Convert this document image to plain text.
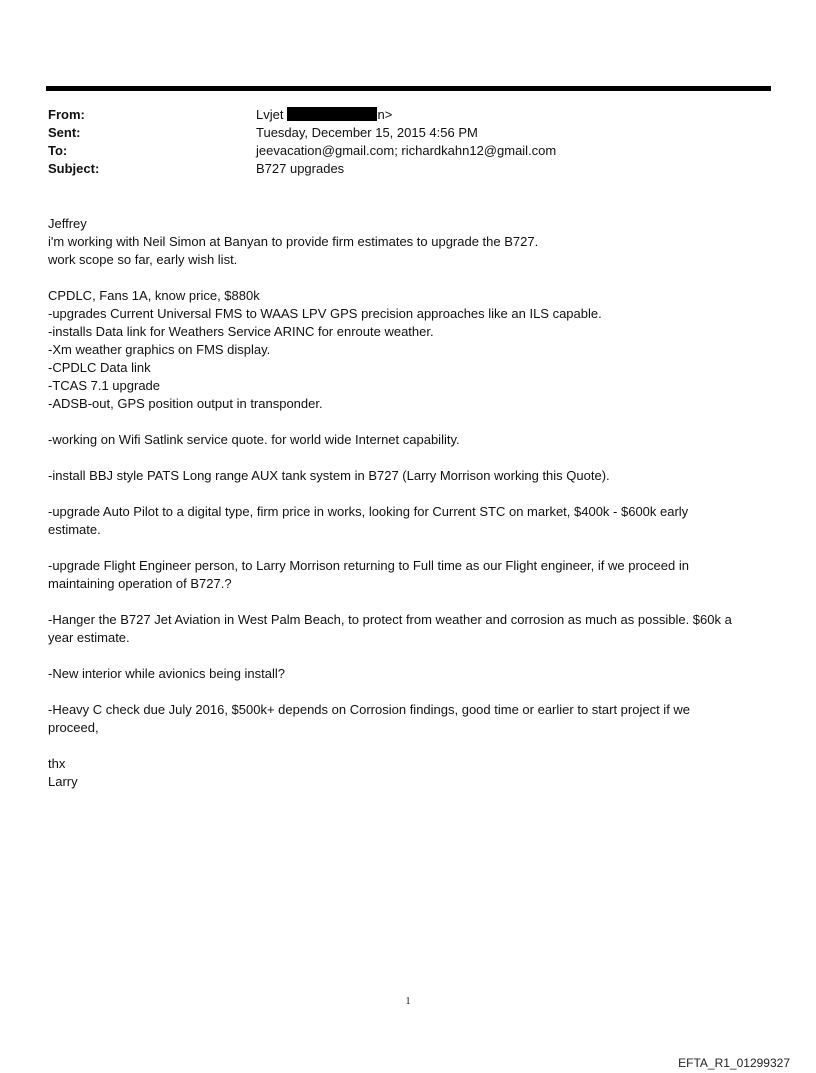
From:	Lvjet	n>
Sent:	Tuesday, December 15, 2015 4:56 PM
To:	jeevacation@gmail.com; richardkahn12@gmail.com
Subject:	B727 upgrades

Jeffrey

i'm working with Neil Simon at Banyan to provide firm estimates to upgrade the B727.

work scope so far, early wish list.

CPDLC, Fans 1A, know price, $880k

-upgrades Current Universal FMS to WAAS LPV GPS precision approaches like an ILS capable.

-installs Data link for Weathers Service ARINC for enroute weather.

-Xm weather graphics on FMS display.

-CPDLC Data link

-TCAS 7.1 upgrade

-ADSB-out, GPS position output in transponder.

-working on Wifi Satlink service quote. for world wide Internet capability.

-install BBJ style PATS Long range AUX tank system in B727 (Larry Morrison working this Quote).

-upgrade Auto Pilot to a digital type, firm price in works, looking for Current STC on market, $400k - $600k early

estimate.

-upgrade Flight Engineer person, to Larry Morrison returning to Full time as our Flight engineer, if we proceed in

maintaining operation of B727.?

-Hanger the B727 Jet Aviation in West Palm Beach, to protect from weather and corrosion as much as possible. $60k a

year estimate.

-New interior while avionics being install?

-Heavy C check due July 2016, $500k+ depends on Corrosion findings, good time or earlier to start project if we

proceed,

thx

Larry

1
EFTA_R1_01299327
